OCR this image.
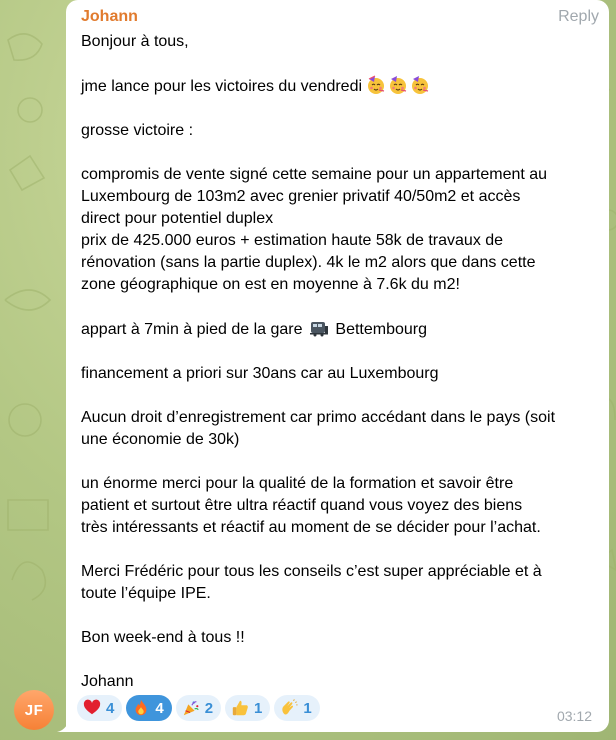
JF
Johann	Reply
Bonjour à tous,
jme lance pour les victoires du vendredi
grosse victoire :
compromis de vente signé cette semaine pour un appartement au
Luxembourg de 103m2 avec grenier privatif 40/50m2 et accès
direct pour potentiel duplex
prix de 425.000 euros + estimation haute 58k de travaux de
rénovation (sans la partie duplex). 4k le m2 alors que dans cette
zone géographique on est en moyenne à 7.6k du m2!
appart à 7min à pied de la gare Bettembourg
financement a priori sur 30ans car au Luxembourg
Aucun droit d’enregistrement car primo accédant dans le pays (soit
une économie de 30k)
un énorme merci pour la qualité de la formation et savoir être
patient et surtout être ultra réactif quand vous voyez des biens
très intéressants et réactif au moment de se décider pour l’achat.
Merci Frédéric pour tous les conseils c’est super appréciable et à
toute l’équipe IPE.
Bon week-end à tous !!
Johann
4	4	2	1	1	03:12
